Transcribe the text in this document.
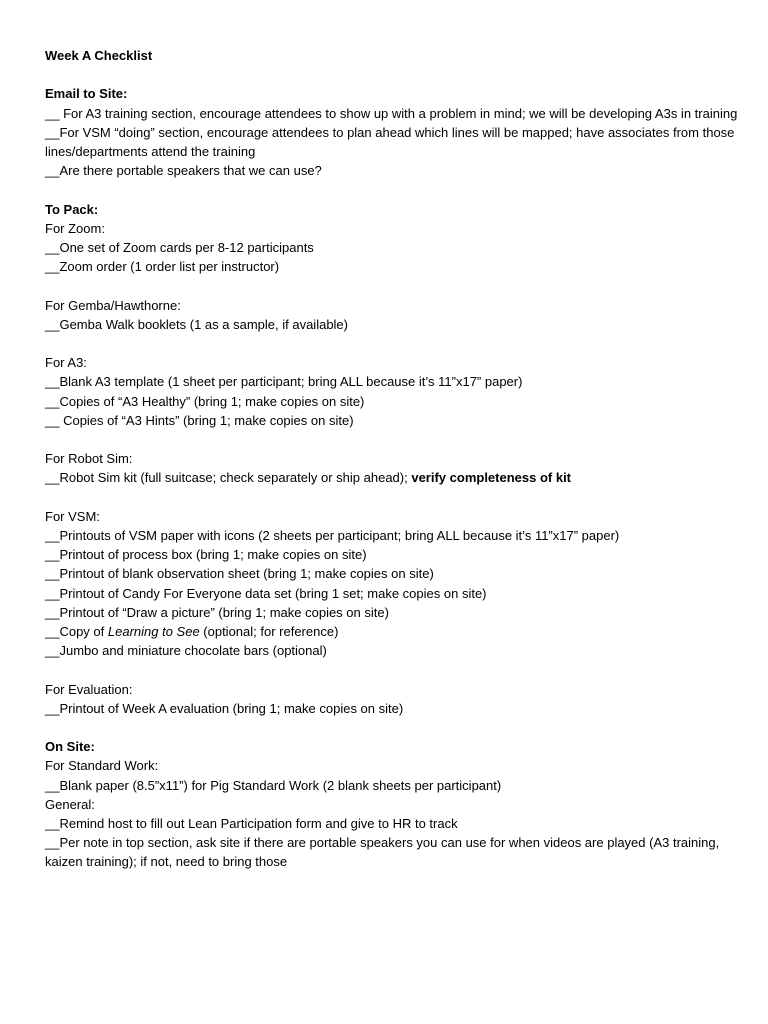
Week A Checklist
Email to Site:
__ For A3 training section, encourage attendees to show up with a problem in mind; we will be developing A3s in training
__For VSM “doing” section, encourage attendees to plan ahead which lines will be mapped; have associates from those lines/departments attend the training
__Are there portable speakers that we can use?
To Pack:
For Zoom:
__One set of Zoom cards per 8-12 participants
__Zoom order (1 order list per instructor)
For Gemba/Hawthorne:
__Gemba Walk booklets (1 as a sample, if available)
For A3:
__Blank A3 template (1 sheet per participant; bring ALL because it’s 11”x17” paper)
__Copies of “A3 Healthy” (bring 1; make copies on site)
__ Copies of “A3 Hints” (bring 1; make copies on site)
For Robot Sim:
__Robot Sim kit (full suitcase; check separately or ship ahead); verify completeness of kit
For VSM:
__Printouts of VSM paper with icons (2 sheets per participant; bring ALL because it’s 11”x17” paper)
__Printout of process box (bring 1; make copies on site)
__Printout of blank observation sheet (bring 1; make copies on site)
__Printout of Candy For Everyone data set (bring 1 set; make copies on site)
__Printout of “Draw a picture” (bring 1; make copies on site)
__Copy of Learning to See (optional; for reference)
__Jumbo and miniature chocolate bars (optional)
For Evaluation:
__Printout of Week A evaluation (bring 1; make copies on site)
On Site:
For Standard Work:
__Blank paper (8.5”x11”) for Pig Standard Work (2 blank sheets per participant)
General:
__Remind host to fill out Lean Participation form and give to HR to track
__Per note in top section, ask site if there are portable speakers you can use for when videos are played (A3 training, kaizen training); if not, need to bring those
